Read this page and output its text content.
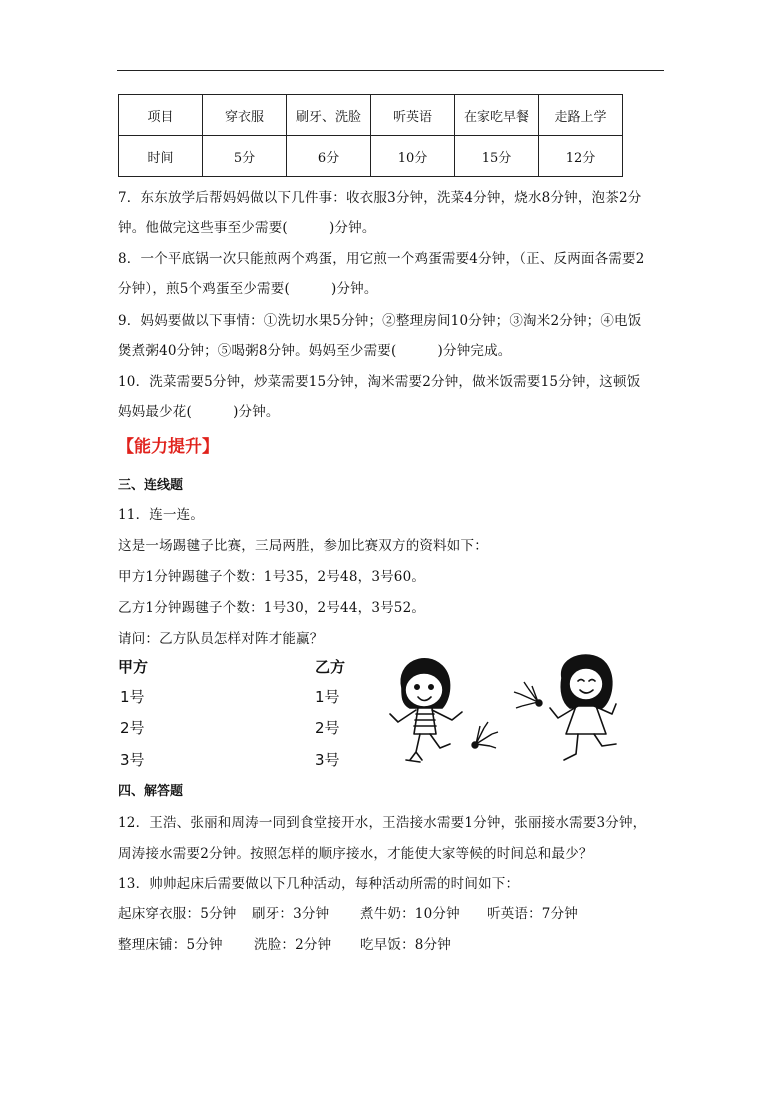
项目	穿衣服	刷牙、洗脸	听英语	在家吃早餐	走路上学
时间	5分	6分	10分	15分	12分
7．东东放学后帮妈妈做以下几件事：收衣服3分钟，洗菜4分钟，烧水8分钟，泡茶2分
钟。他做完这些事至少需要(　　　)分钟。
8．一个平底锅一次只能煎两个鸡蛋，用它煎一个鸡蛋需要4分钟，（正、反两面各需要2
分钟），煎5个鸡蛋至少需要(　　　)分钟。
9．妈妈要做以下事情：①洗切水果5分钟；②整理房间10分钟；③淘米2分钟；④电饭
煲煮粥40分钟；⑤喝粥8分钟。妈妈至少需要(　　　)分钟完成。
10．洗菜需要5分钟，炒菜需要15分钟，淘米需要2分钟，做米饭需要15分钟，这顿饭
妈妈最少花(　　　)分钟。
【能力提升】
三、连线题
11．连一连。
这是一场踢毽子比赛，三局两胜，参加比赛双方的资料如下：
甲方1分钟踢毽子个数：1号35，2号48，3号60。
乙方1分钟踢毽子个数：1号30，2号44，3号52。
请问：乙方队员怎样对阵才能赢？
甲方	乙方
1号
2号
3号
1号
2号
3号
四、解答题
12．王浩、张丽和周涛一同到食堂接开水，王浩接水需要1分钟，张丽接水需要3分钟，
周涛接水需要2分钟。按照怎样的顺序接水，才能使大家等候的时间总和最少？
13．帅帅起床后需要做以下几种活动，每种活动所需的时间如下：
起床穿衣服：5分钟 刷牙：3分钟 煮牛奶：10分钟 听英语：7分钟
整理床铺：5分钟 洗脸：2分钟 吃早饭：8分钟
